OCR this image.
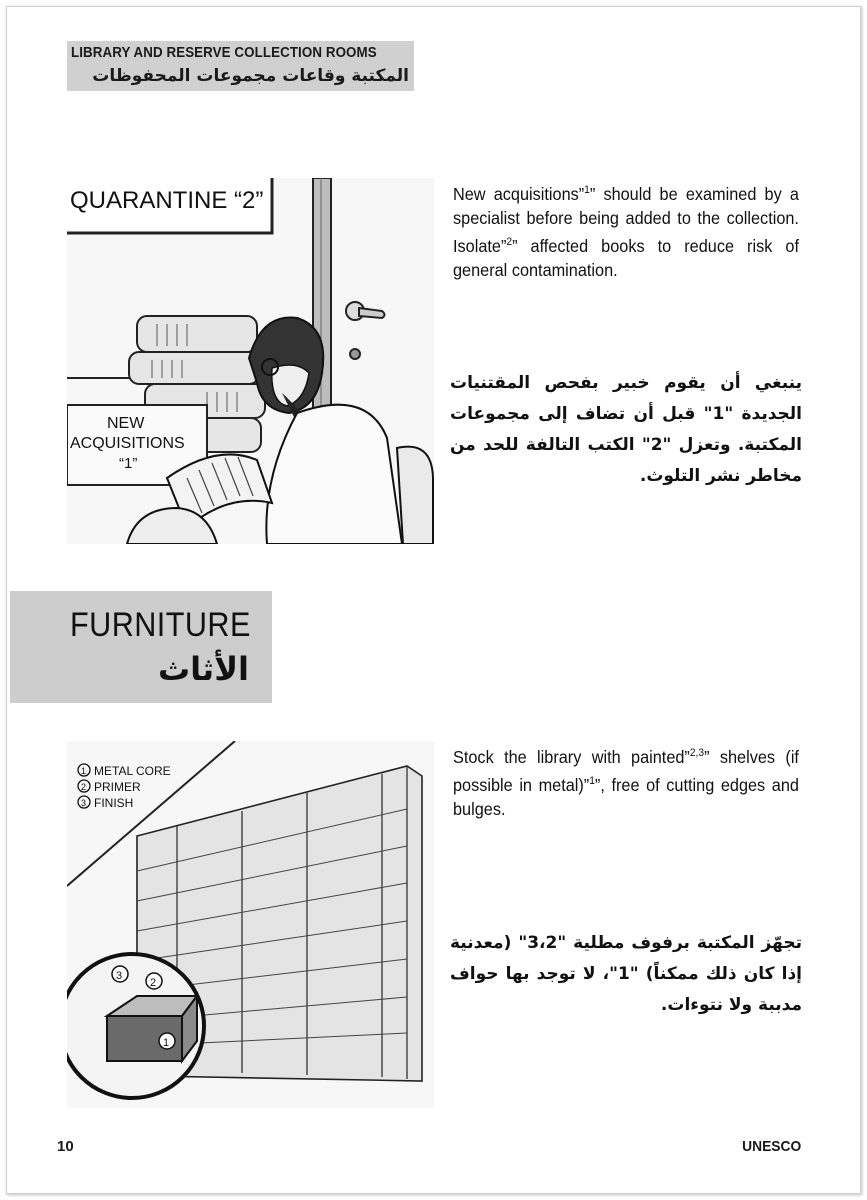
LIBRARY AND RESERVE COLLECTION ROOMS
المكتبة وقاعات مجموعات المحفوظات
QUARANTINE “2”
NEW
ACQUISITIONS
“1”
New acquisitions”$^1$” should be examined by a specialist before being added to the collection. Isolate”$^2$” affected books to reduce risk of general contamination.
ينبغي أن يقوم خبير بفحص المقتنيات الجديدة "1" قبل أن تضاف إلى مجموعات المكتبة. وتعزل "2" الكتب التالفة للحد من مخاطر نشر التلوث.
FURNITURE
الأثاث
1 METAL CORE
2 PRIMER
3 FINISH
3
2
1
Stock the library with painted”$^{2,3}$” shelves (if possible in metal)”$^1$”, free of cutting edges and bulges.
تجهّز المكتبة برفوف مطلية "3،2" (معدنية إذا كان ذلك ممكناً) "1"، لا توجد بها حواف مدببة ولا نتوءات.
10	UNESCO
